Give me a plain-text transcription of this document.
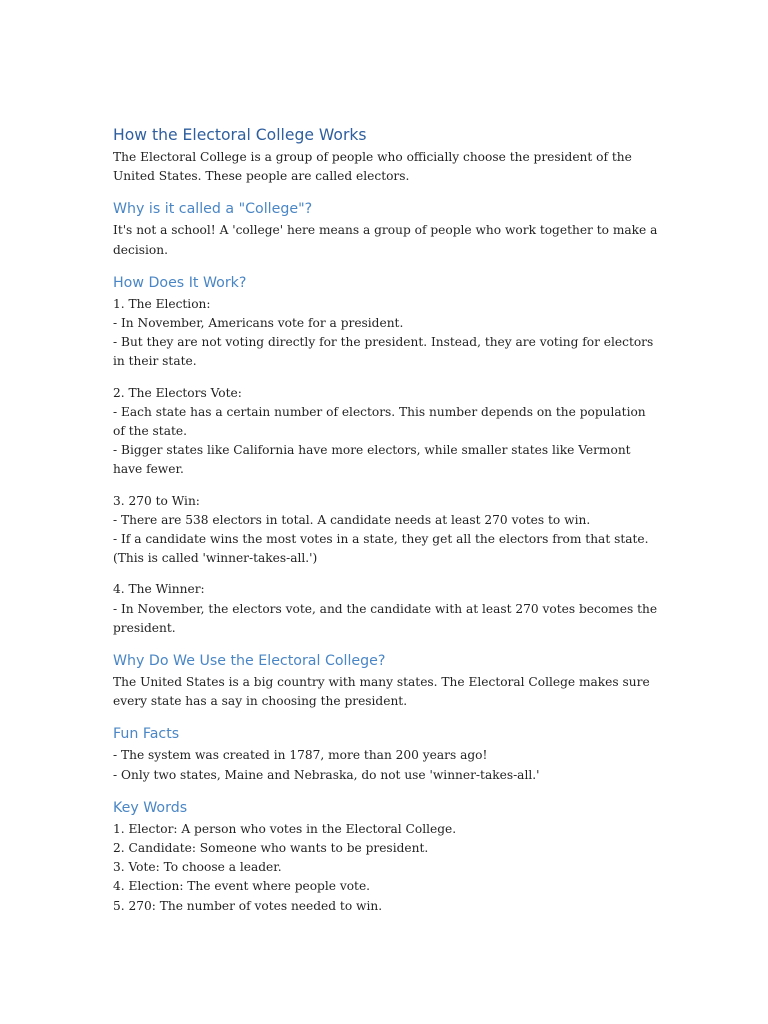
How the Electoral College Works

The Electoral College is a group of people who officially choose the president of the United States. These people are called electors.

Why is it called a "College"?

It's not a school! A 'college' here means a group of people who work together to make a decision.

How Does It Work?
1. The Election:
- In November, Americans vote for a president.
- But they are not voting directly for the president. Instead, they are voting for electors in their state.
2. The Electors Vote:
- Each state has a certain number of electors. This number depends on the population of the state.
- Bigger states like California have more electors, while smaller states like Vermont have fewer.
3. 270 to Win:
- There are 538 electors in total. A candidate needs at least 270 votes to win.
- If a candidate wins the most votes in a state, they get all the electors from that state. (This is called 'winner-takes-all.')
4. The Winner:
- In November, the electors vote, and the candidate with at least 270 votes becomes the president.
Why Do We Use the Electoral College?

The United States is a big country with many states. The Electoral College makes sure every state has a say in choosing the president.

Fun Facts
- The system was created in 1787, more than 200 years ago!
- Only two states, Maine and Nebraska, do not use 'winner-takes-all.'
Key Words
1. Elector: A person who votes in the Electoral College.
2. Candidate: Someone who wants to be president.
3. Vote: To choose a leader.
4. Election: The event where people vote.
5. 270: The number of votes needed to win.
